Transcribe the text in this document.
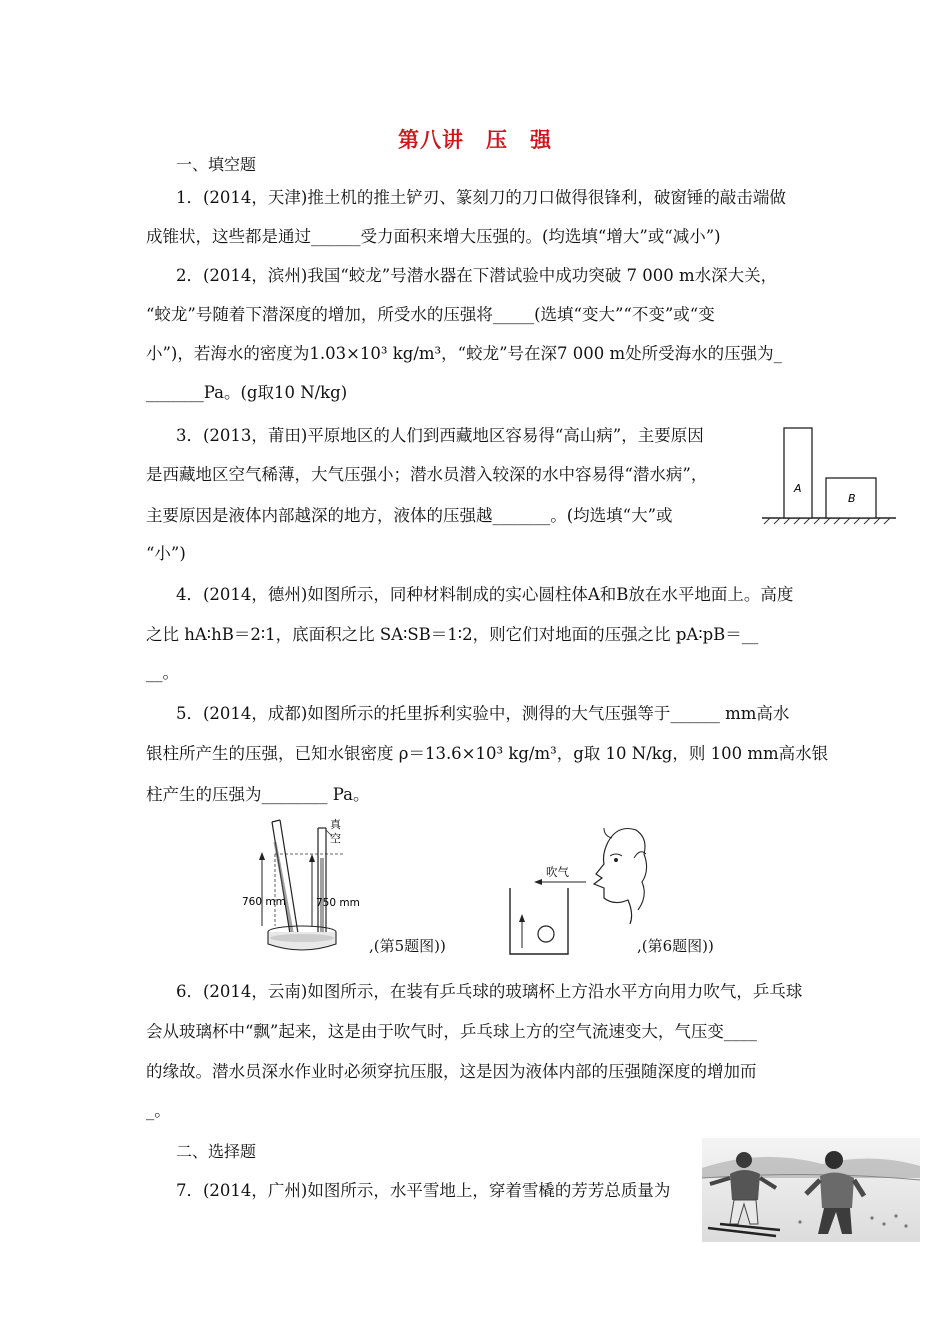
第八讲　压　强
一、填空题
1．(2014，天津)推土机的推土铲刃、篆刻刀的刀口做得很锋利，破窗锤的敲击端做
成锥状，这些都是通过______受力面积来增大压强的。(均选填“增大”或“减小”)
2．(2014，滨州)我国“蛟龙”号潜水器在下潜试验中成功突破 7 000 m水深大关，
“蛟龙”号随着下潜深度的增加，所受水的压强将_____(选填“变大”“不变”或“变
小”)，若海水的密度为1.03×10³ kg/m³，“蛟龙”号在深7 000 m处所受海水的压强为_
_______Pa。(g取10 N/kg)
3．(2013，莆田)平原地区的人们到西藏地区容易得“高山病”，主要原因
是西藏地区空气稀薄，大气压强小；潜水员潜入较深的水中容易得“潜水病”，
主要原因是液体内部越深的地方，液体的压强越_______。(均选填“大”或
“小”)
A
B
4．(2014，德州)如图所示，同种材料制成的实心圆柱体A和B放在水平地面上。高度
之比 hA∶hB＝2∶1，底面积之比 SA∶SB＝1∶2，则它们对地面的压强之比 pA∶pB＝__
__。
5．(2014，成都)如图所示的托里拆利实验中，测得的大气压强等于______ mm高水
银柱所产生的压强，已知水银密度 ρ＝13.6×10³ kg/m³，g取 10 N/kg，则 100 mm高水银
柱产生的压强为________ Pa。
真
空
760 mm	750 mm
,(第5题图))
吹气
,(第6题图))
6．(2014，云南)如图所示，在装有乒乓球的玻璃杯上方沿水平方向用力吹气，乒乓球
会从玻璃杯中“飘”起来，这是由于吹气时，乒乓球上方的空气流速变大，气压变____
的缘故。潜水员深水作业时必须穿抗压服，这是因为液体内部的压强随深度的增加而
_。
二、选择题
7．(2014，广州)如图所示，水平雪地上，穿着雪橇的芳芳总质量为
